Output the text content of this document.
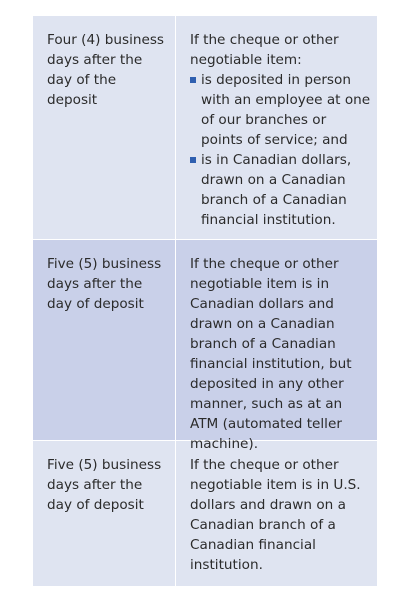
Four (4) business days after the day of the deposit
If the cheque or other negotiable item:
is deposited in person with an employee at one of our branches or points of service; and
is in Canadian dollars, drawn on a Canadian branch of a Canadian financial institution.
Five (5) business days after the day of deposit
If the cheque or other negotiable item is in Canadian dollars and drawn on a Canadian branch of a Canadian financial institution, but deposited in any other manner, such as at an ATM (automated teller machine).
Five (5) business days after the day of deposit
If the cheque or other negotiable item is in U.S. dollars and drawn on a Canadian branch of a Canadian financial institution.
